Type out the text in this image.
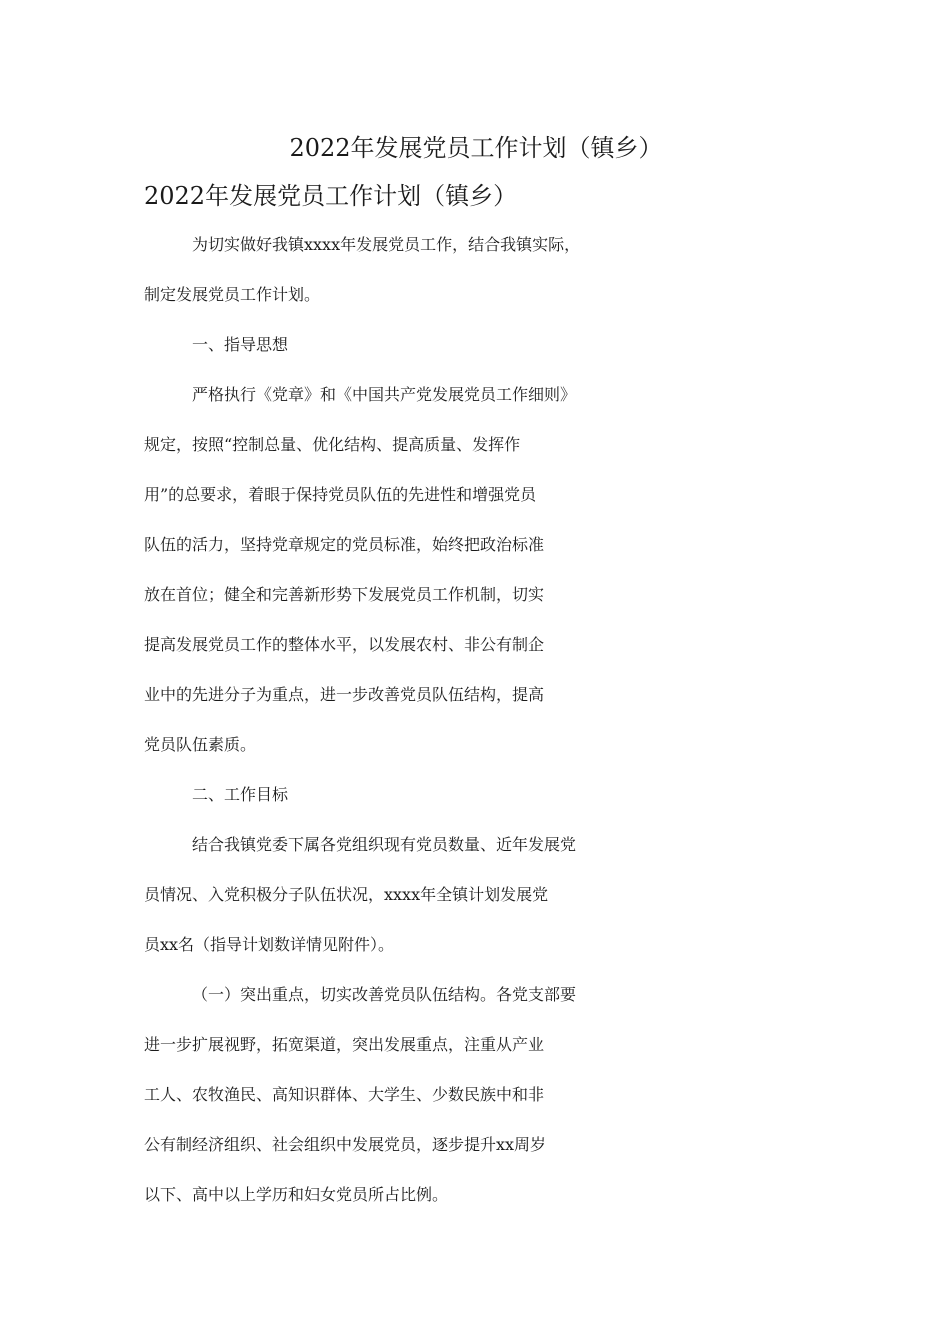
2022年发展党员工作计划（镇乡）
2022年发展党员工作计划（镇乡）
为切实做好我镇xxxx年发展党员工作，结合我镇实际，
制定发展党员工作计划。
一、指导思想
严格执行《党章》和《中国共产党发展党员工作细则》
规定，按照“控制总量、优化结构、提高质量、发挥作
用”的总要求，着眼于保持党员队伍的先进性和增强党员
队伍的活力，坚持党章规定的党员标准，始终把政治标准
放在首位；健全和完善新形势下发展党员工作机制，切实
提高发展党员工作的整体水平，以发展农村、非公有制企
业中的先进分子为重点，进一步改善党员队伍结构，提高
党员队伍素质。
二、工作目标
结合我镇党委下属各党组织现有党员数量、近年发展党
员情况、入党积极分子队伍状况，xxxx年全镇计划发展党
员xx名（指导计划数详情见附件）。
（一）突出重点，切实改善党员队伍结构。各党支部要
进一步扩展视野，拓宽渠道，突出发展重点，注重从产业
工人、农牧渔民、高知识群体、大学生、少数民族中和非
公有制经济组织、社会组织中发展党员，逐步提升xx周岁
以下、高中以上学历和妇女党员所占比例。
